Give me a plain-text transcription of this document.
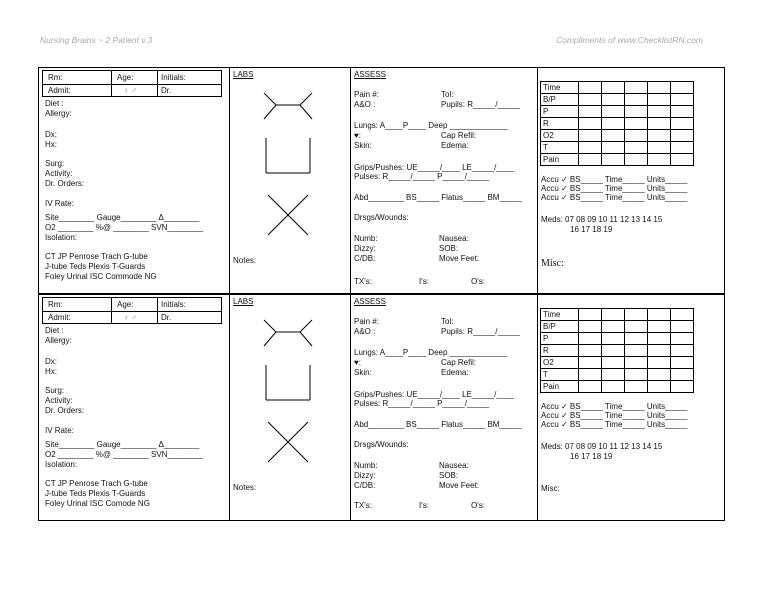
Nursing Brains ~ 2 Patient v.3	Compliments of www.ChecklistRN.com
Rm:	Age:	Initials:
Admit:	♀ ♂	Dr.
Diet :
Allergy:
Dx:
Hx:
Surg:
Activity:
Dr. Orders:
IV Rate:
Site________ Gauge________ Δ________
O2 ________ %@ ________ SVN________
Isolation:
CT JP Penrose Trach G-tube
J-tube Teds Plexis T-Guards
Foley Urinal ISC Commode NG
LABS
Notes:
ASSESS
Pain #:	Tol:
A&O :	Pupils: R_____/_____
Lungs: A____P____ Deep _____________
♥:	Cap Refil:
Skin:	Edema:
Grips/Pushes: UE_____/____ LE_____/____
Pulses: R_____/_____ P_____/_____
Abd________ BS_____ Flatus_____ BM_____
Drsgs/Wounds:
Numb:	Nausea:
Dizzy:	SOB:
C/DB:	Move Feet:
TX's:	I's:	O's:
Time					
B/P					
P					
R					
O2					
T					
Pain					
Accu ✓ BS_____ Time_____ Units_____
Accu ✓ BS_____ Time_____ Units_____
Accu ✓ BS_____ Time_____ Units_____
Meds: 07 08 09 10 11 12 13 14 15
16 17 18 19
Misc:
Rm:	Age:	Initials:
Admit:	♀ ♂	Dr.
Diet :
Allergy:
Dx:
Hx:
Surg:
Activity:
Dr. Orders:
IV Rate:
Site________ Gauge________ Δ________
O2 ________ %@ ________ SVN________
Isolation:
CT JP Penrose Trach G-tube
J-tube Teds Plexis T-Guards
Foley Urinal ISC Comode NG
LABS
Notes:
ASSESS
Pain #:	Tol:
A&O :	Pupils: R_____/_____
Lungs: A____P____ Deep _____________
♥:	Cap Refil:
Skin:	Edema:
Grips/Pushes: UE_____/____ LE_____/____
Pulses: R_____/_____ P_____/_____
Abd________ BS_____ Flatus_____ BM_____
Drsgs/Wounds:
Numb:	Nausea:
Dizzy:	SOB:
C/DB:	Move Feet:
TX's:	I's:	O's:
Time					
B/P					
P					
R					
O2					
T					
Pain					
Accu ✓ BS_____ Time_____ Units_____
Accu ✓ BS_____ Time_____ Units_____
Accu ✓ BS_____ Time_____ Units_____
Meds: 07 08 09 10 11 12 13 14 15
16 17 18 19
Misc:
